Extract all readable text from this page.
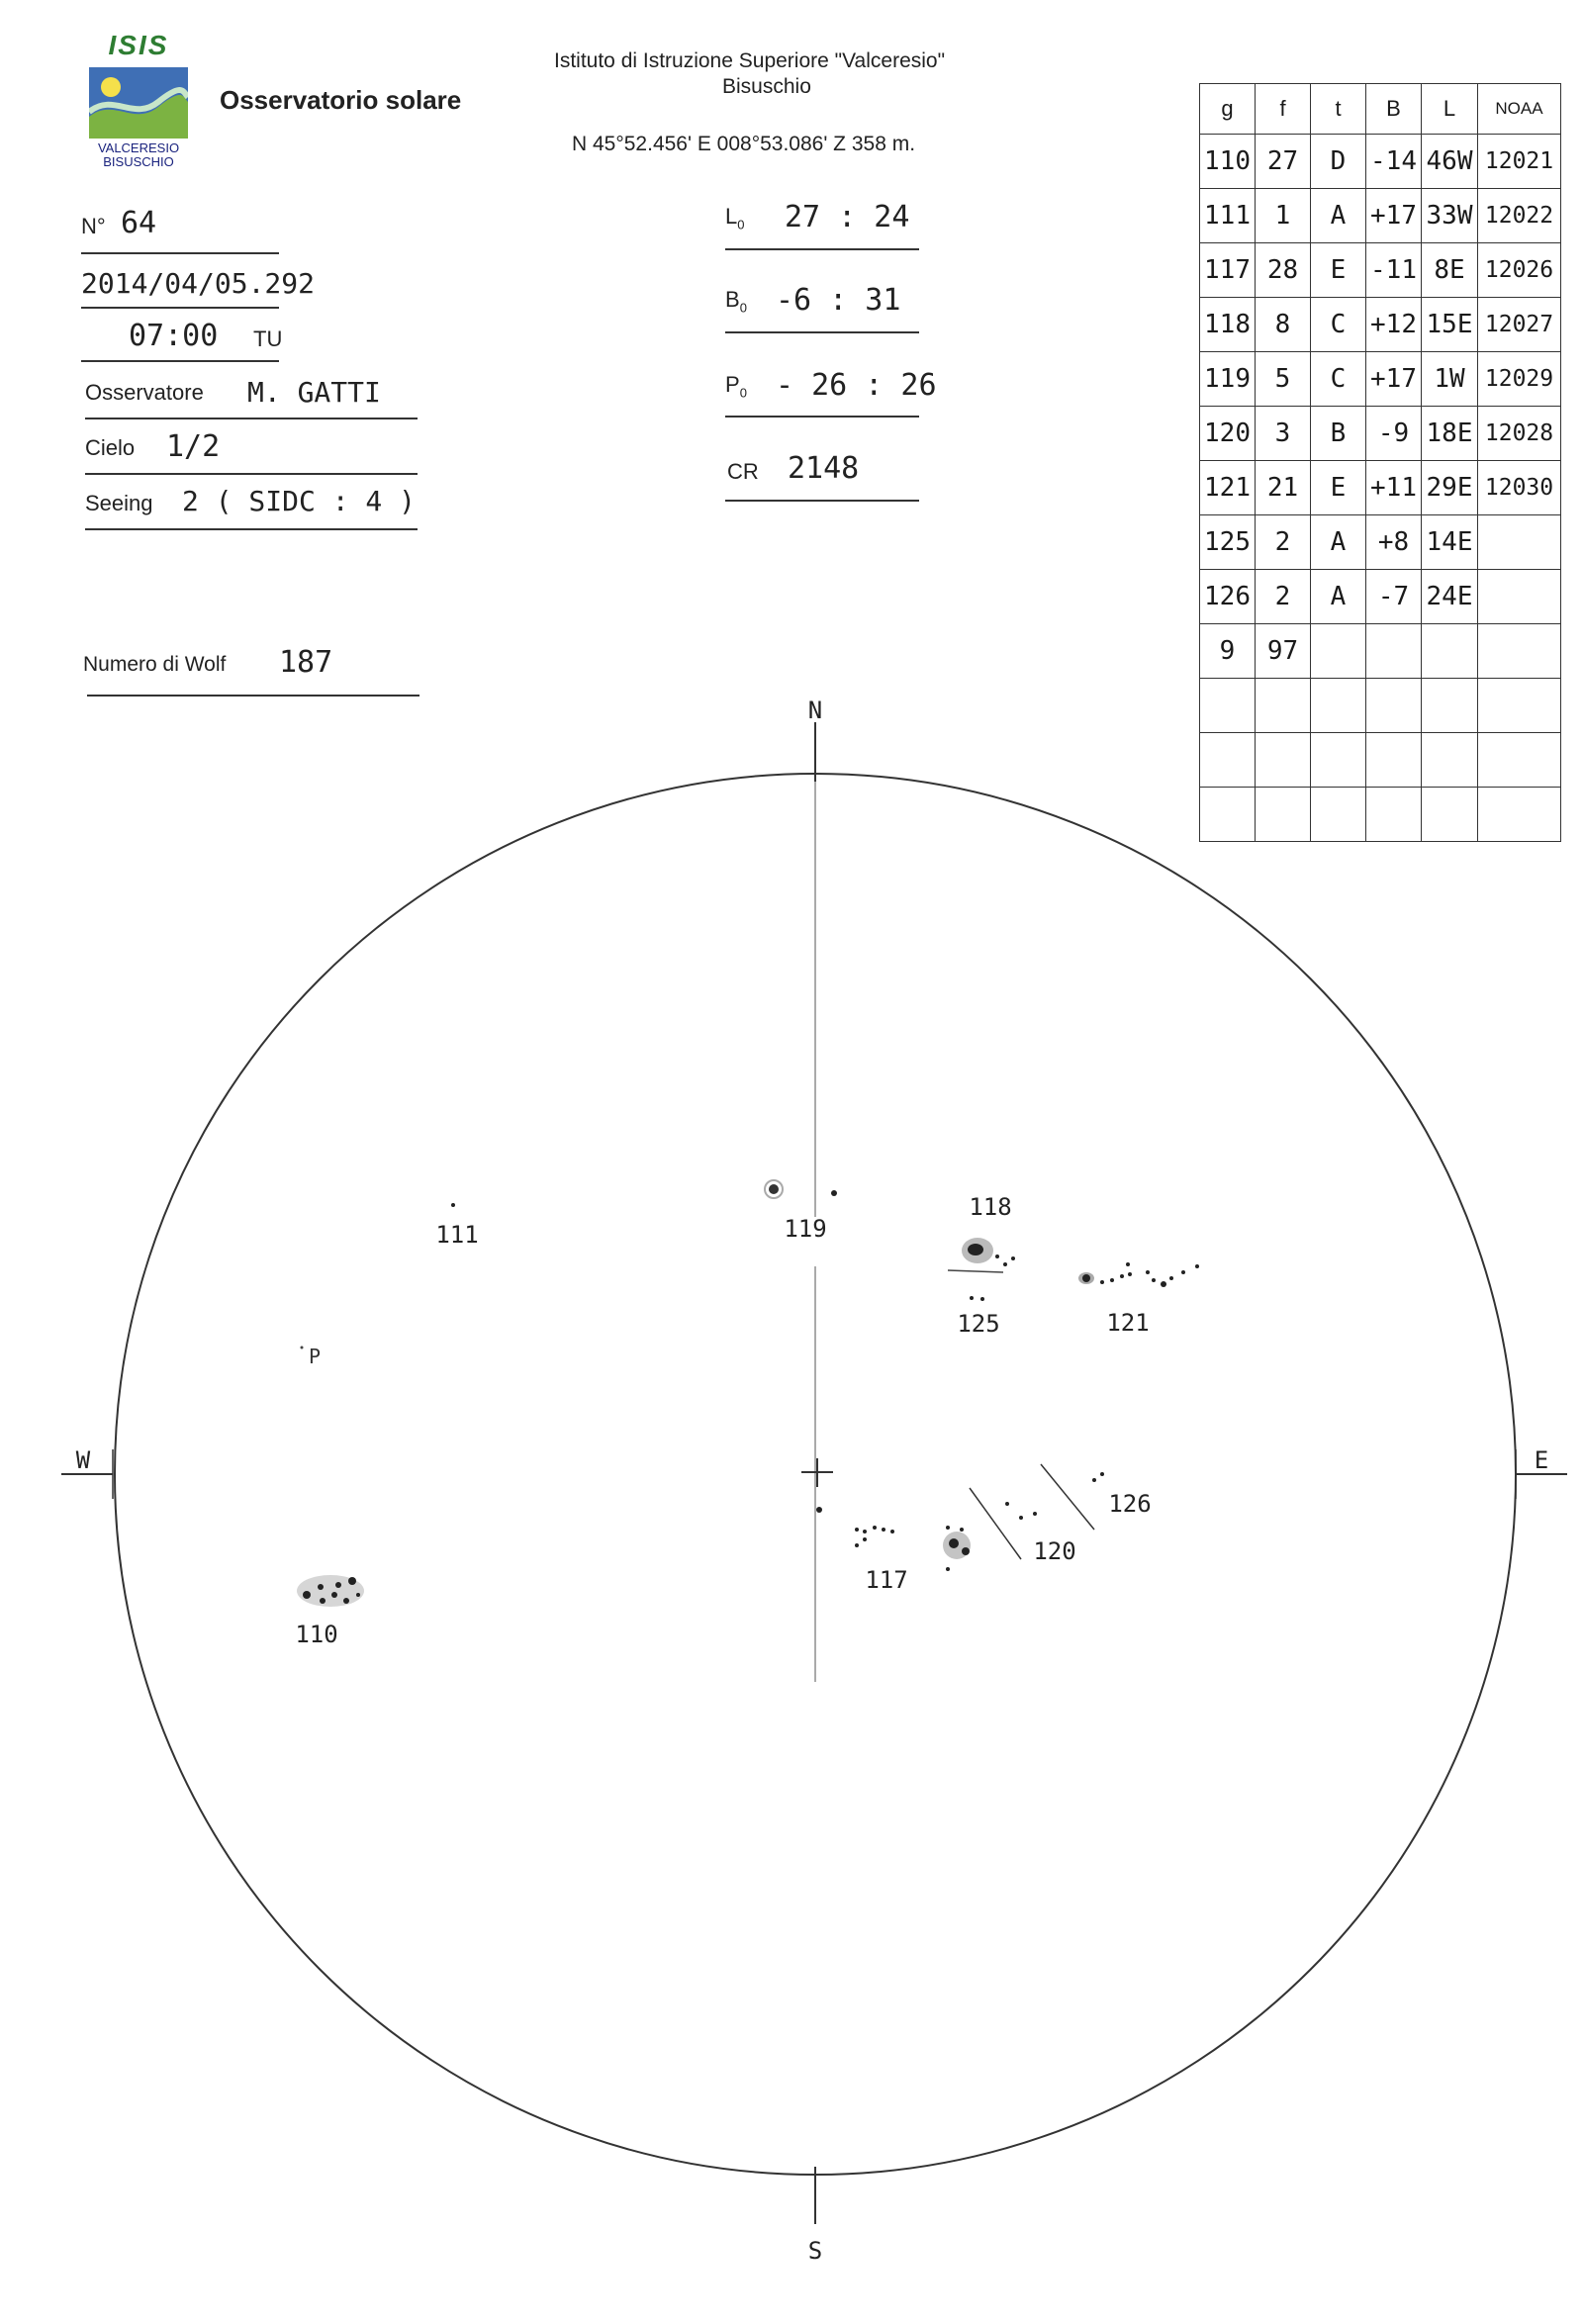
ISIS
VALCERESIO
BISUSCHIO
Osservatorio solare
Istituto di Istruzione Superiore "Valceresio"
Bisuschio
N 45°52.456' E 008°53.086' Z 358 m.
N° 64
2014/04/05.292
07:00 TU
Osservatore M. GATTI
Cielo 1/2
Seeing 2 ( SIDC : 4 )
Numero di Wolf 187
$L_0$ 27 : 24
$B_0$ -6 : 31
$P_0 - 26$ : 26
CR 2148
g	f	t	B	L	NOAA
110	27	D	-14	46W	12021
111	1	A	+17	33W	12022
117	28	E	-11	8E	12026
118	8	C	+12	15E	12027
119	5	C	+17	1W	12029
120	3	B	-9	18E	12028
121	21	E	+11	29E	12030
125	2	A	+8	14E	
126	2	A	-7	24E	
9	97				

N
S
W	E
111	119
118
125	121
P
110
117
120
126
